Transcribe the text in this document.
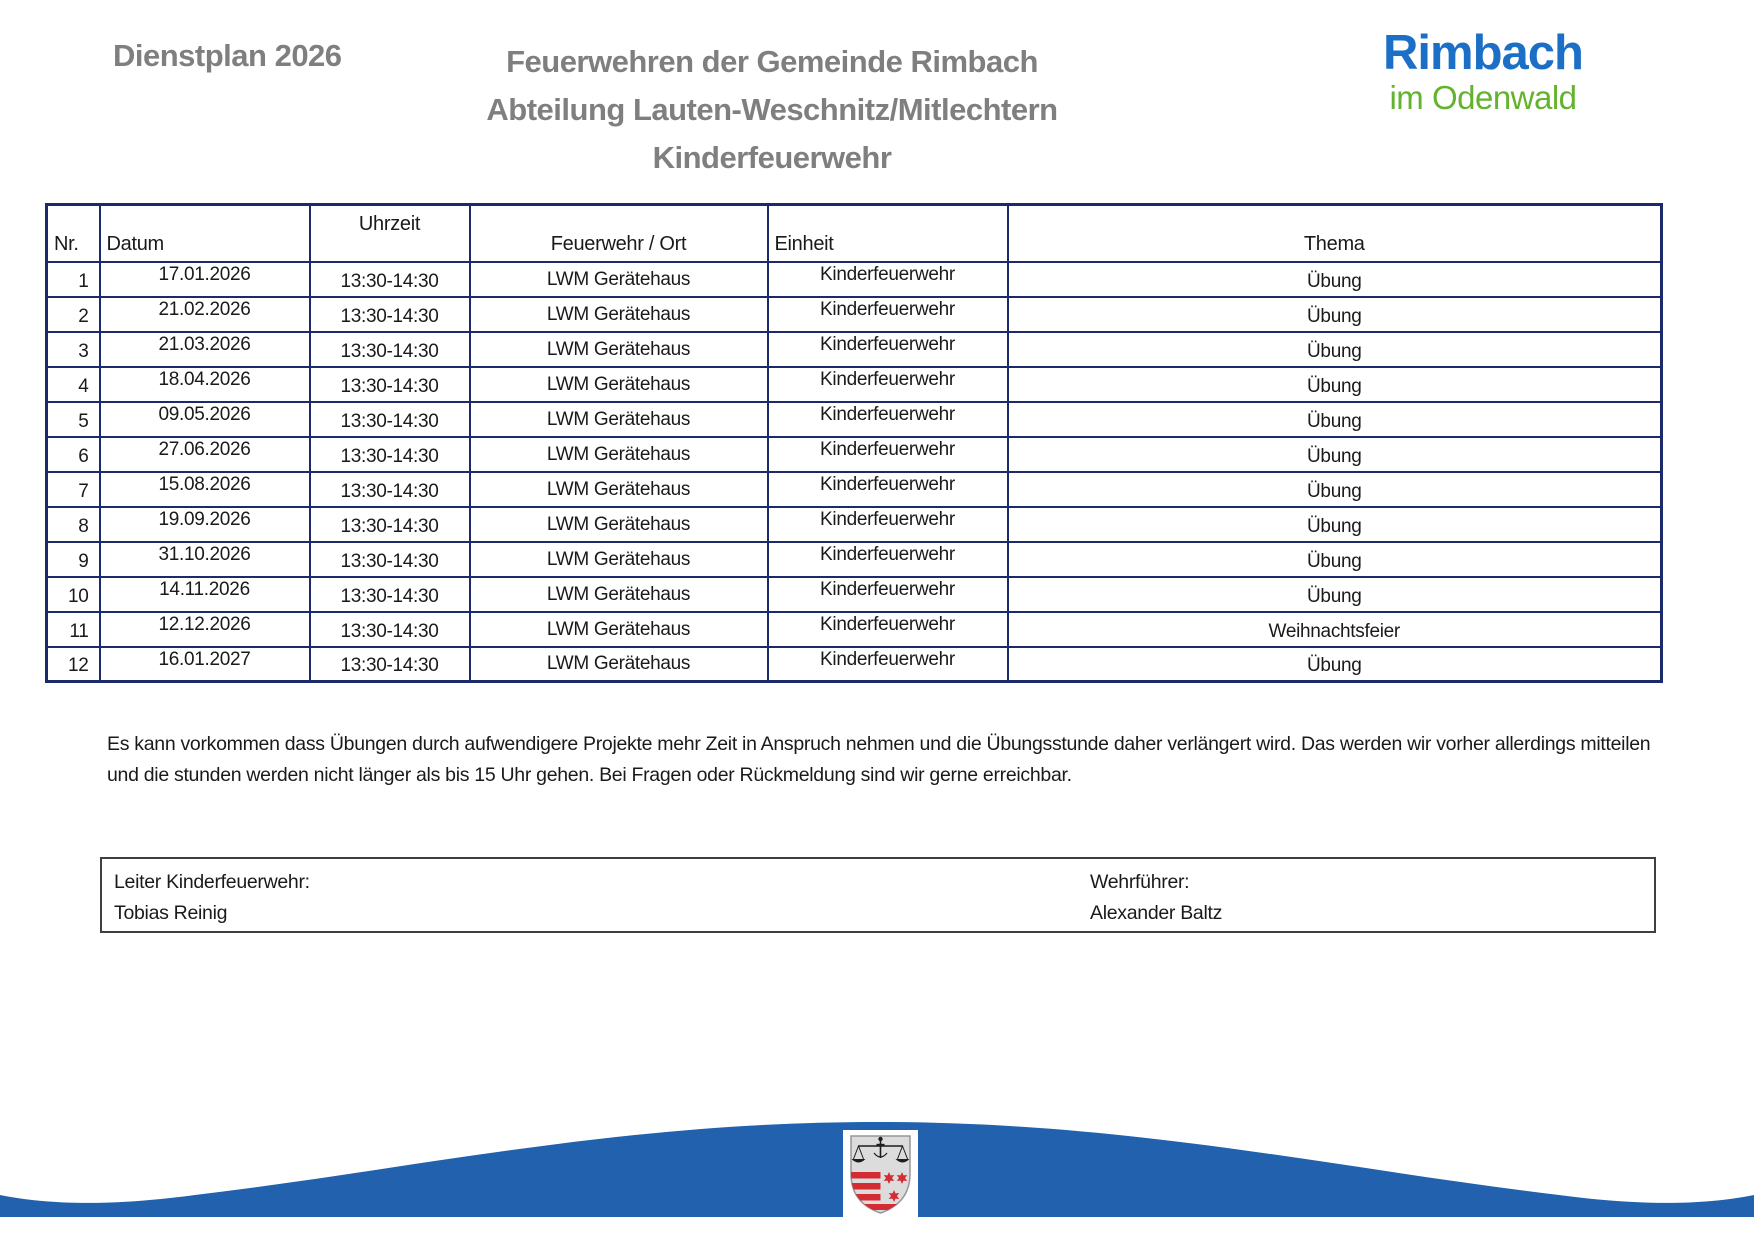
Dienstplan 2026	Feuerwehren der Gemeinde Rimbach
Abteilung Lauten-Weschnitz/Mitlechtern
Kinderfeuerwehr
Rimbach
im Odenwald
Nr.	Datum	Uhrzeit	Feuerwehr / Ort	Einheit	Thema
1	17.01.2026	13:30-14:30	LWM Gerätehaus	Kinderfeuerwehr	Übung
2	21.02.2026	13:30-14:30	LWM Gerätehaus	Kinderfeuerwehr	Übung
3	21.03.2026	13:30-14:30	LWM Gerätehaus	Kinderfeuerwehr	Übung
4	18.04.2026	13:30-14:30	LWM Gerätehaus	Kinderfeuerwehr	Übung
5	09.05.2026	13:30-14:30	LWM Gerätehaus	Kinderfeuerwehr	Übung
6	27.06.2026	13:30-14:30	LWM Gerätehaus	Kinderfeuerwehr	Übung
7	15.08.2026	13:30-14:30	LWM Gerätehaus	Kinderfeuerwehr	Übung
8	19.09.2026	13:30-14:30	LWM Gerätehaus	Kinderfeuerwehr	Übung
9	31.10.2026	13:30-14:30	LWM Gerätehaus	Kinderfeuerwehr	Übung
10	14.11.2026	13:30-14:30	LWM Gerätehaus	Kinderfeuerwehr	Übung
11	12.12.2026	13:30-14:30	LWM Gerätehaus	Kinderfeuerwehr	Weihnachtsfeier
12	16.01.2027	13:30-14:30	LWM Gerätehaus	Kinderfeuerwehr	Übung
Es kann vorkommen dass Übungen durch aufwendigere Projekte mehr Zeit in Anspruch nehmen und die Übungsstunde daher verlängert wird. Das werden wir vorher allerdings mitteilen und die stunden werden nicht länger als bis 15 Uhr gehen. Bei Fragen oder Rückmeldung sind wir gerne erreichbar.
Leiter Kinderfeuerwehr:
Tobias Reinig
Wehrführer:
Alexander Baltz
